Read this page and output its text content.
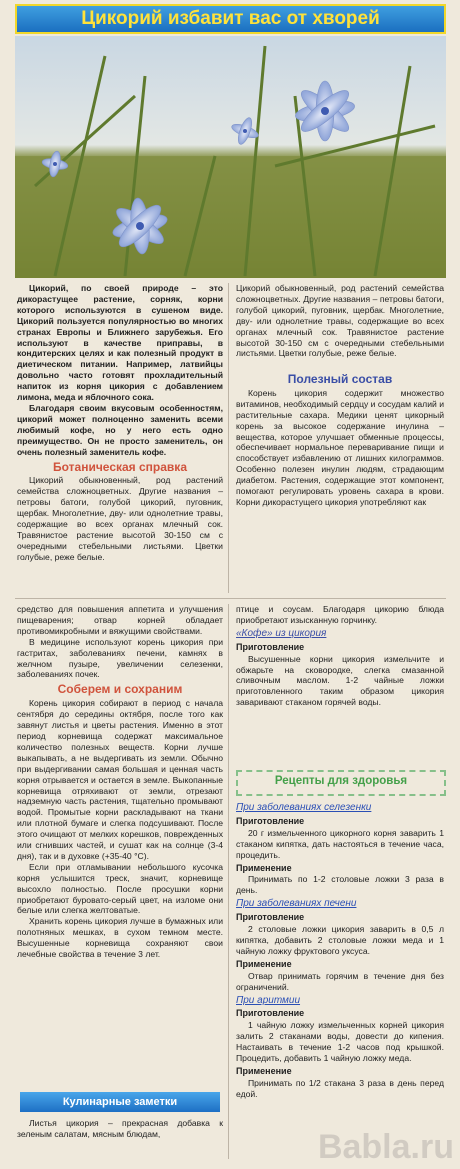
Цикорий избавит вас от хворей

Цикорий, по своей природе – это дикорастущее растение, сорняк, корни которого используются в сушеном виде. Цикорий пользуется популярностью во многих странах Европы и Ближнего зарубежья. Его используют в качестве приправы, в кондитерских целях и как полезный продукт в диетическом питании. Например, латвийцы довольно часто готовят прохладительный напиток из корня цикория с добавлением лимона, меда и яблочного сока.

Благодаря своим вкусовым особенностям, цикорий может полноценно заменить всеми любимый кофе, но у него есть одно преимущество. Он не просто заменитель, он очень полезный заменитель кофе.

Ботаническая справка

Цикорий обыкновенный, род растений семейства сложноцветных. Другие названия – петровы батоги, голубой цикорий, пуговник, щербак. Многолетние, дву- или однолетние травы, содержащие во всех органах млечный сок. Травянистое растение высотой 30-150 см с очередными стебельными листьями. Цветки голубые, реже белые.

Цикорий обыкновенный, род растений семейства сложноцветных. Другие названия – петровы батоги, голубой цикорий, пуговник, щербак. Многолетние, дву- или однолетние травы, содержащие во всех органах млечный сок. Травянистое растение высотой 30-150 см с очередными стебельными листьями. Цветки голубые, реже белые.

Полезный состав

Корень цикория содержит множество витаминов, необходимый сердцу и сосудам калий и растительные сахара. Медики ценят цикорный корень за высокое содержание инулина – вещества, которое улучшает обменные процессы, обеспечивает нормальное переваривание пищи и способствует избавлению от лишних килограммов. Особенно полезен инулин людям, страдающим диабетом. Растения, содержащие этот компонент, помогают регулировать уровень сахара в крови. Корни дикорастущего цикория употребляют как

средство для повышения аппетита и улучшения пищеварения; отвар корней обладает противомикробными и вяжущими свойствами.

В медицине используют корень цикория при гастритах, заболеваниях печени, камнях в желчном пузыре, увеличении селезенки, заболеваниях почек.

Соберем и сохраним

Корень цикория собирают в период с начала сентября до середины октября, после того как завянут листья и цветы растения. Именно в этот период корневища содержат максимальное количество полезных веществ. Корни лучше выкапывать, а не выдергивать из земли. Обычно при выдергивании самая большая и ценная часть корня отрывается и остается в земле. Выкопанные корневища отряхивают от земли, отрезают надземную часть растения, тщательно промывают водой. Промытые корни раскладывают на ткани или плотной бумаге и слегка подсушивают. После этого очищают от мелких корешков, поврежденных или сгнивших частей, и сушат как на солнце (3-4 дня), так и в духовке (+35-40 °С).

Если при отламывании небольшого кусочка корня услышится треск, значит, корневище высохло полностью. После просушки корни приобретают буровато-серый цвет, на изломе они белые или слегка желтоватые.

Хранить корень цикория лучше в бумажных или полотняных мешках, в сухом темном месте. Высушенные корневища сохраняют свои лечебные свойства в течение 3 лет.

Кулинарные заметки

Листья цикория – прекрасная добавка к зеленым салатам, мясным блюдам,

птице и соусам. Благодаря цикорию блюда приобретают изысканную горчинку.

«Кофе» из цикория
Приготовление

Высушенные корни цикория измельчите и обжарьте на сковородке, слегка смазанной сливочным маслом. 1-2 чайные ложки приготовленного таким образом цикория заваривают стаканом горячей воды.

Рецепты для здоровья
При заболеваниях селезенки
Приготовление

20 г измельченного цикорного корня заварить 1 стаканом кипятка, дать настояться в течение часа, процедить.

Применение

Принимать по 1-2 столовые ложки 3 раза в день.

При заболеваниях печени
Приготовление

2 столовые ложки цикория заварить в 0,5 л кипятка, добавить 2 столовые ложки меда и 1 чайную ложку фруктового уксуса.

Применение

Отвар принимать горячим в течение дня без ограничений.

При аритмии
Приготовление

1 чайную ложку измельченных корней цикория залить 2 стаканами воды, довести до кипения. Настаивать в течение 1-2 часов под крышкой. Процедить, добавить 1 чайную ложку меда.

Применение

Принимать по 1/2 стакана 3 раза в день перед едой.

Babla.ru
